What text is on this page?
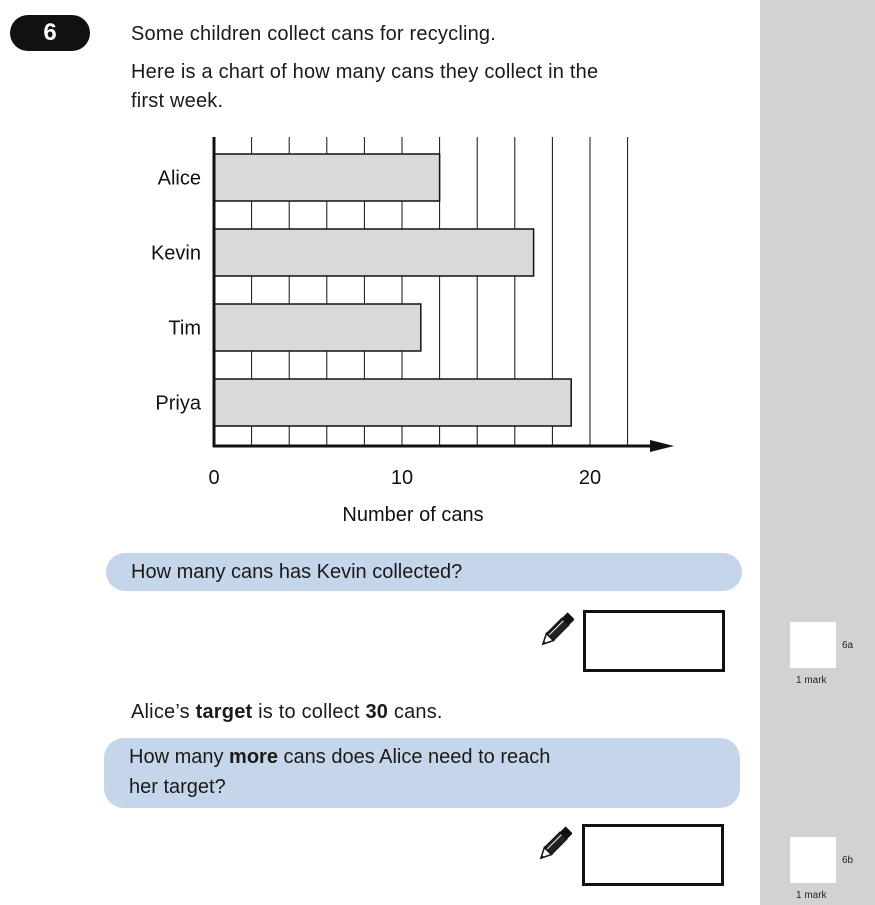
6	Some children collect cans for recycling.
Here is a chart of how many cans they collect in the
first week.
Alice
Kevin
Tim
Priya
0	10	20
Number of cans
How many cans has Kevin collected?
6a
1 mark
Alice’s target is to collect 30 cans.
How many more cans does Alice need to reach
her target?
6b
1 mark
